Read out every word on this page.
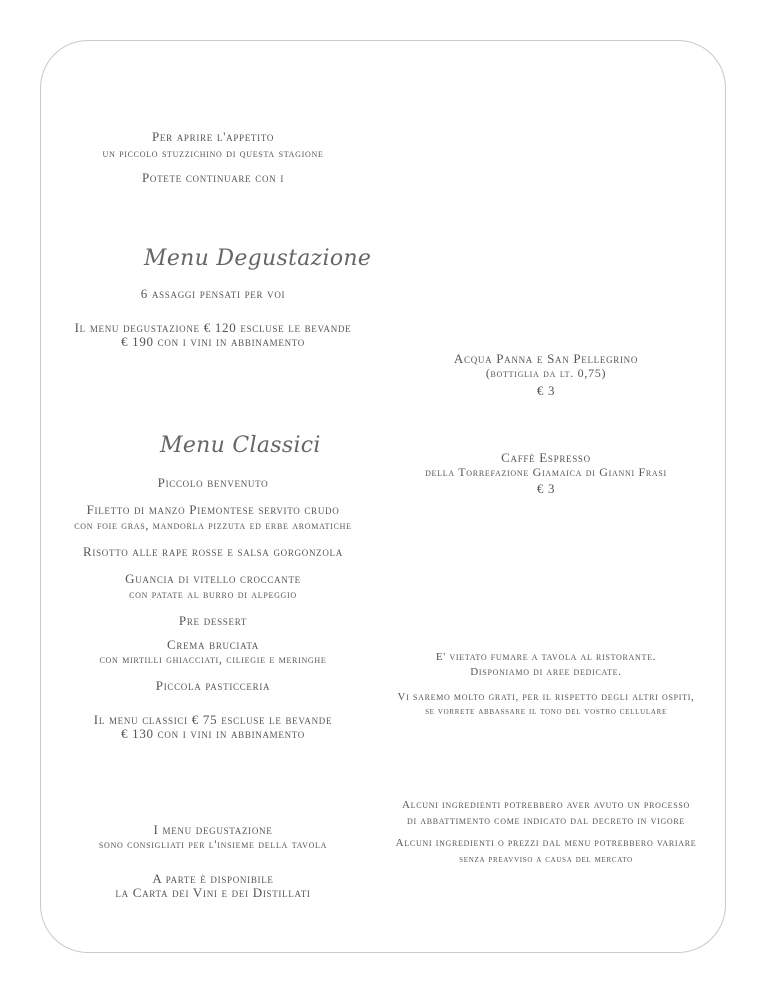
Per aprire l'appetito
un piccolo stuzzichino di questa stagione
Potete continuare con i
Menu Degustazione
6 assaggi pensati per voi
Il menu degustazione € 120 escluse le bevande
€ 190 con i vini in abbinamento
Menu Classici
Piccolo benvenuto
Filetto di manzo Piemontese servito crudo
con foie gras, mandorla pizzuta ed erbe aromatiche
Risotto alle rape rosse e salsa gorgonzola
Guancia di vitello croccante
con patate al burro di alpeggio
Pre dessert
Crema bruciata
con mirtilli ghiacciati, ciliegie e meringhe
Piccola pasticceria
Il menu classici € 75 escluse le bevande
€ 130 con i vini in abbinamento
I menu degustazione
sono consigliati per l'insieme della tavola
A parte è disponibile
la Carta dei Vini e dei Distillati
Acqua Panna e San Pellegrino
(bottiglia da lt. 0,75)
€ 3
Caffè Espresso
della Torrefazione Giamaica di Gianni Frasi
€ 3
E' vietato fumare a tavola al ristorante.
Disponiamo di aree dedicate.
Vi saremo molto grati, per il rispetto degli altri ospiti,
se vorrete abbassare il tono del vostro cellulare
Alcuni ingredienti potrebbero aver avuto un processo
di abbattimento come indicato dal decreto in vigore
Alcuni ingredienti o prezzi dal menu potrebbero variare
senza preavviso a causa del mercato
